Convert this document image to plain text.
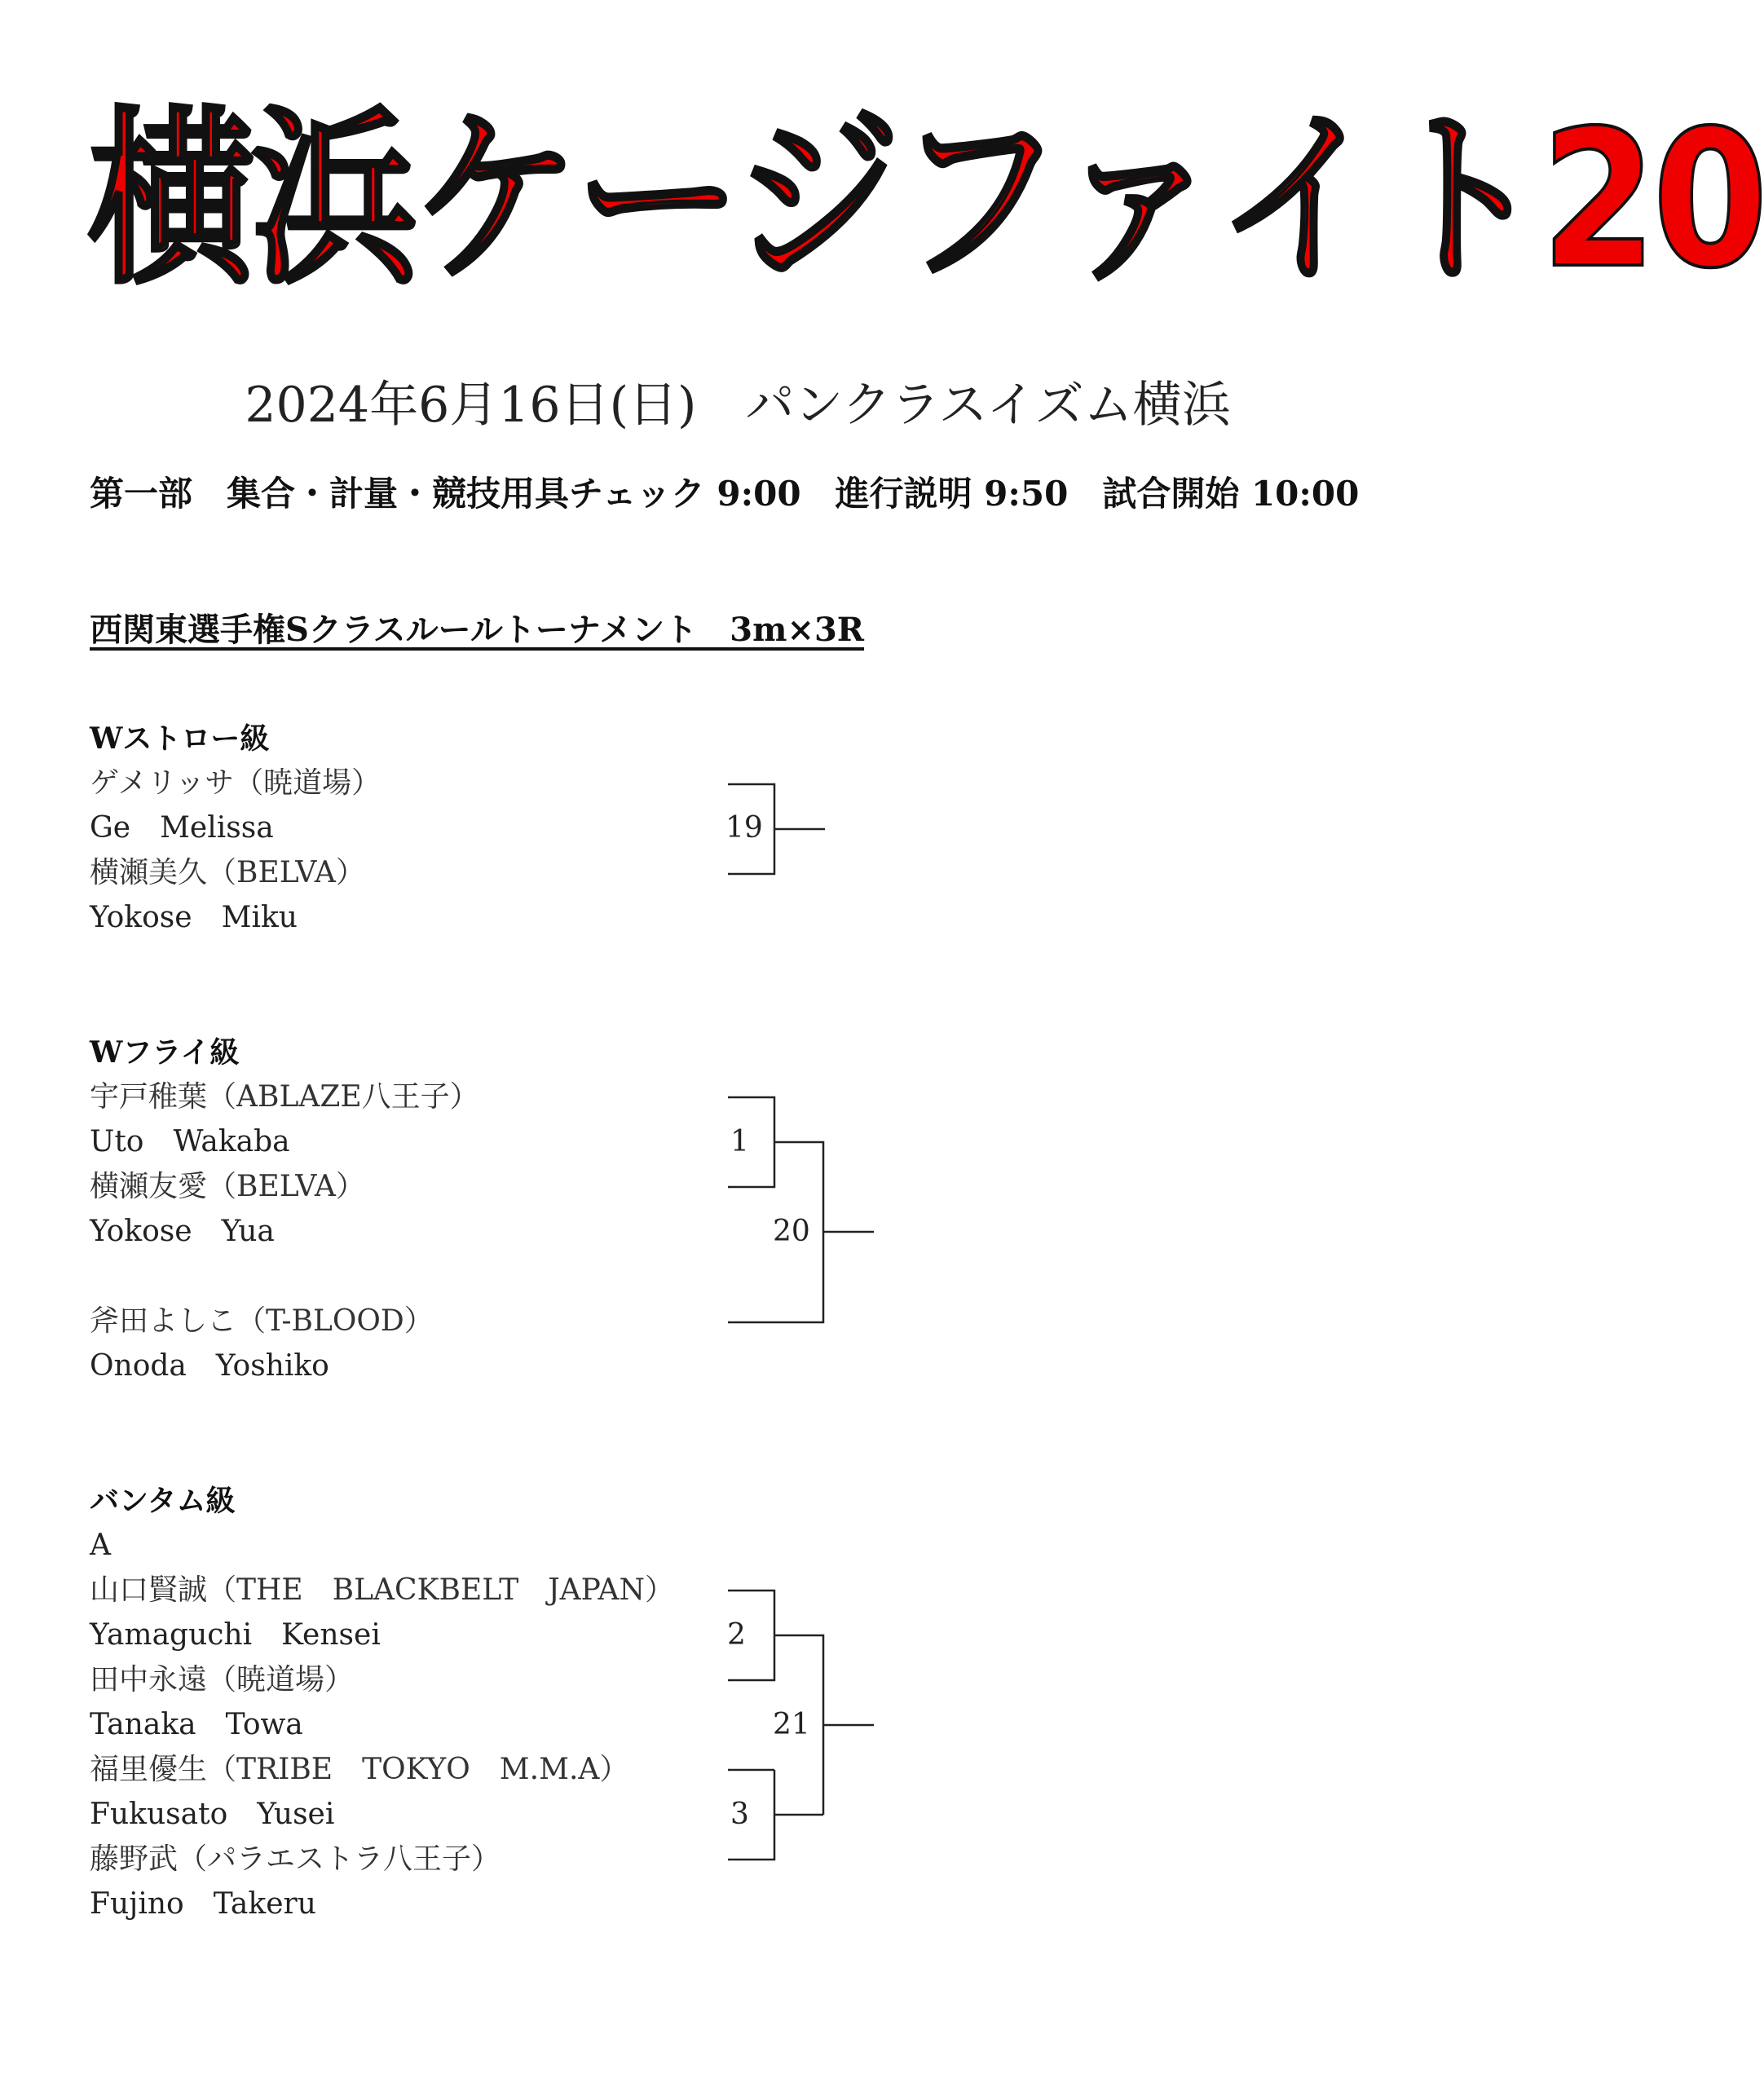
横浜ケージファイト20
2024年6月16日(日)　パンクラスイズム横浜
第一部　集合・計量・競技用具チェック 9:00　進行説明 9:50　試合開始 10:00
西関東選手権Sクラスルールトーナメント　3m×3R
Wストロー級
ゲメリッサ（暁道場）
Ge　Melissa
横瀬美久（BELVA）
Yokose　Miku
19
Wフライ級
宇戸稚葉（ABLAZE八王子）
Uto　Wakaba
横瀬友愛（BELVA）
Yokose　Yua
斧田よしこ（T-BLOOD）
Onoda　Yoshiko
1
20
バンタム級
A
山口賢誠（THE　BLACKBELT　JAPAN）
Yamaguchi　Kensei
田中永遠（暁道場）
Tanaka　Towa
福里優生（TRIBE　TOKYO　M.M.A）
Fukusato　Yusei
藤野武（パラエストラ八王子）
Fujino　Takeru
2
3
21
